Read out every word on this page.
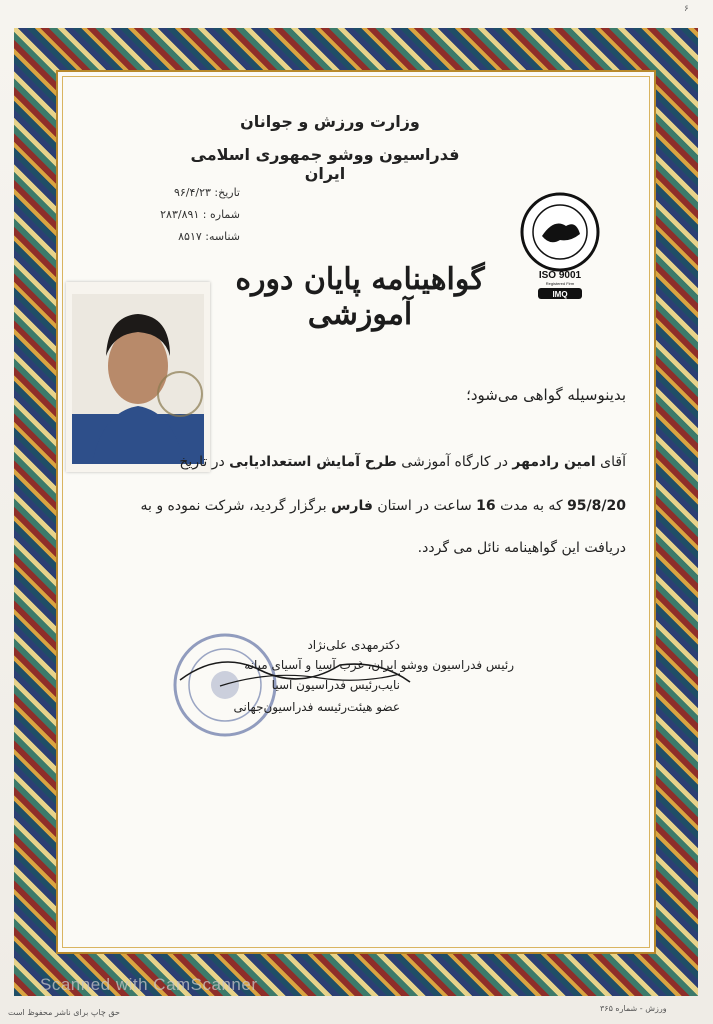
۶
وزارت ورزش و جوانان
فدراسیون ووشو جمهوری اسلامی ایران
تاریخ: ۹۶/۴/۲۳
شماره : ۲۸۳/۸۹۱
شناسه: ۸۵۱۷
ISO 9001
Registered Firm
IMQ
گواهینامه پایان دوره آموزشی
بدینوسیله گواهی می‌شود؛
آقای امین رادمهر در کارگاه آموزشی طرح آمایش استعدادیابی در تاریخ
95/8/20 که به مدت 16 ساعت در استان فارس برگزار گردید، شرکت نموده و به
دریافت این گواهینامه نائل می گردد.
دکترمهدی علی‌نژاد
رئیس فدراسیون ووشو ایران، غرب آسیا و آسیای میانه
نایب‌رئیس فدراسیون آسیا
عضو هیئت‌رئیسه فدراسیون‌جهانی
Scanned with CamScanner
حق چاپ برای ناشر محفوظ است	ورزش - شماره ۳۶۵
